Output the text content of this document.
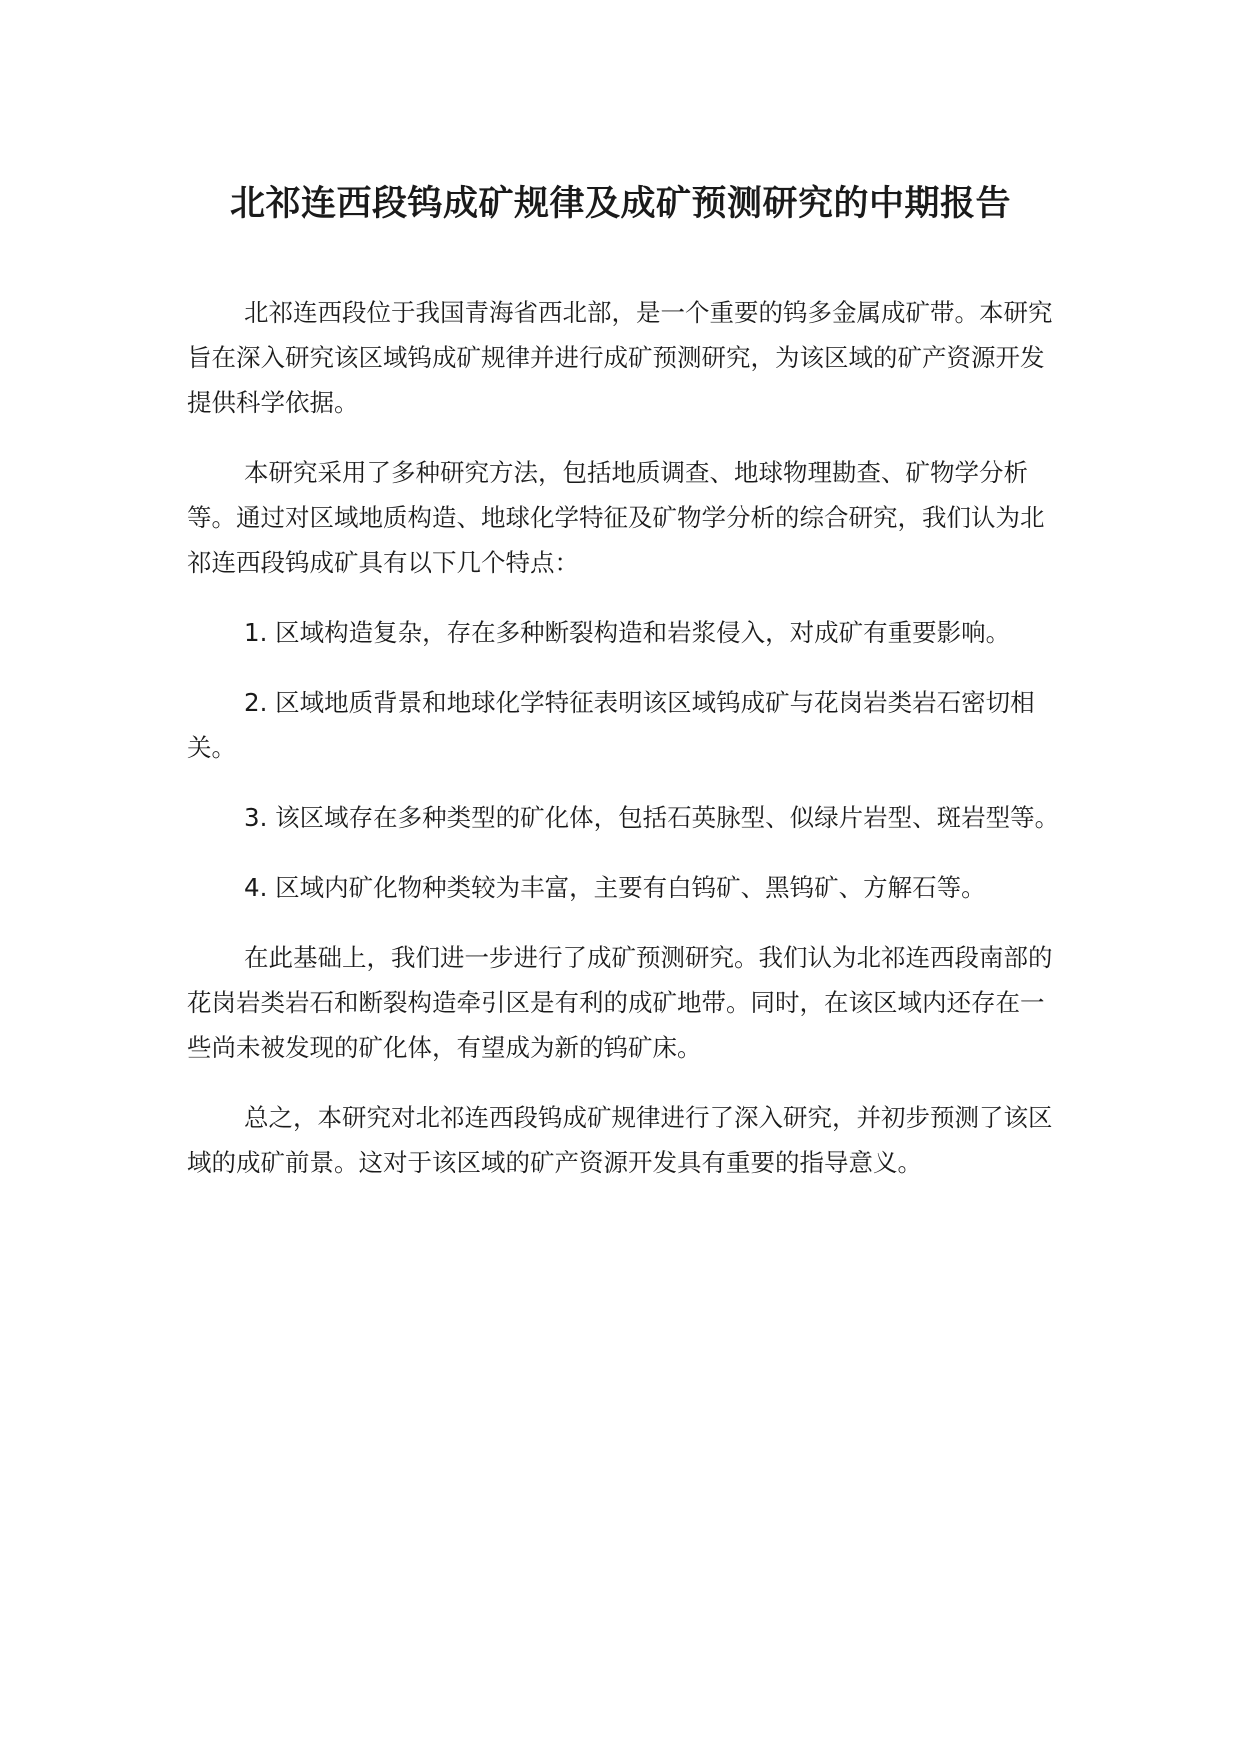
北祁连西段钨成矿规律及成矿预测研究的中期报告

北祁连西段位于我国青海省西北部，是一个重要的钨多金属成矿带。本研究旨在深入研究该区域钨成矿规律并进行成矿预测研究，为该区域的矿产资源开发提供科学依据。

本研究采用了多种研究方法，包括地质调查、地球物理勘查、矿物学分析等。通过对区域地质构造、地球化学特征及矿物学分析的综合研究，我们认为北祁连西段钨成矿具有以下几个特点：

1. 区域构造复杂，存在多种断裂构造和岩浆侵入，对成矿有重要影响。

2. 区域地质背景和地球化学特征表明该区域钨成矿与花岗岩类岩石密切相关。

3. 该区域存在多种类型的矿化体，包括石英脉型、似绿片岩型、斑岩型等。

4. 区域内矿化物种类较为丰富，主要有白钨矿、黑钨矿、方解石等。

在此基础上，我们进一步进行了成矿预测研究。我们认为北祁连西段南部的花岗岩类岩石和断裂构造牵引区是有利的成矿地带。同时，在该区域内还存在一些尚未被发现的矿化体，有望成为新的钨矿床。

总之，本研究对北祁连西段钨成矿规律进行了深入研究，并初步预测了该区域的成矿前景。这对于该区域的矿产资源开发具有重要的指导意义。
